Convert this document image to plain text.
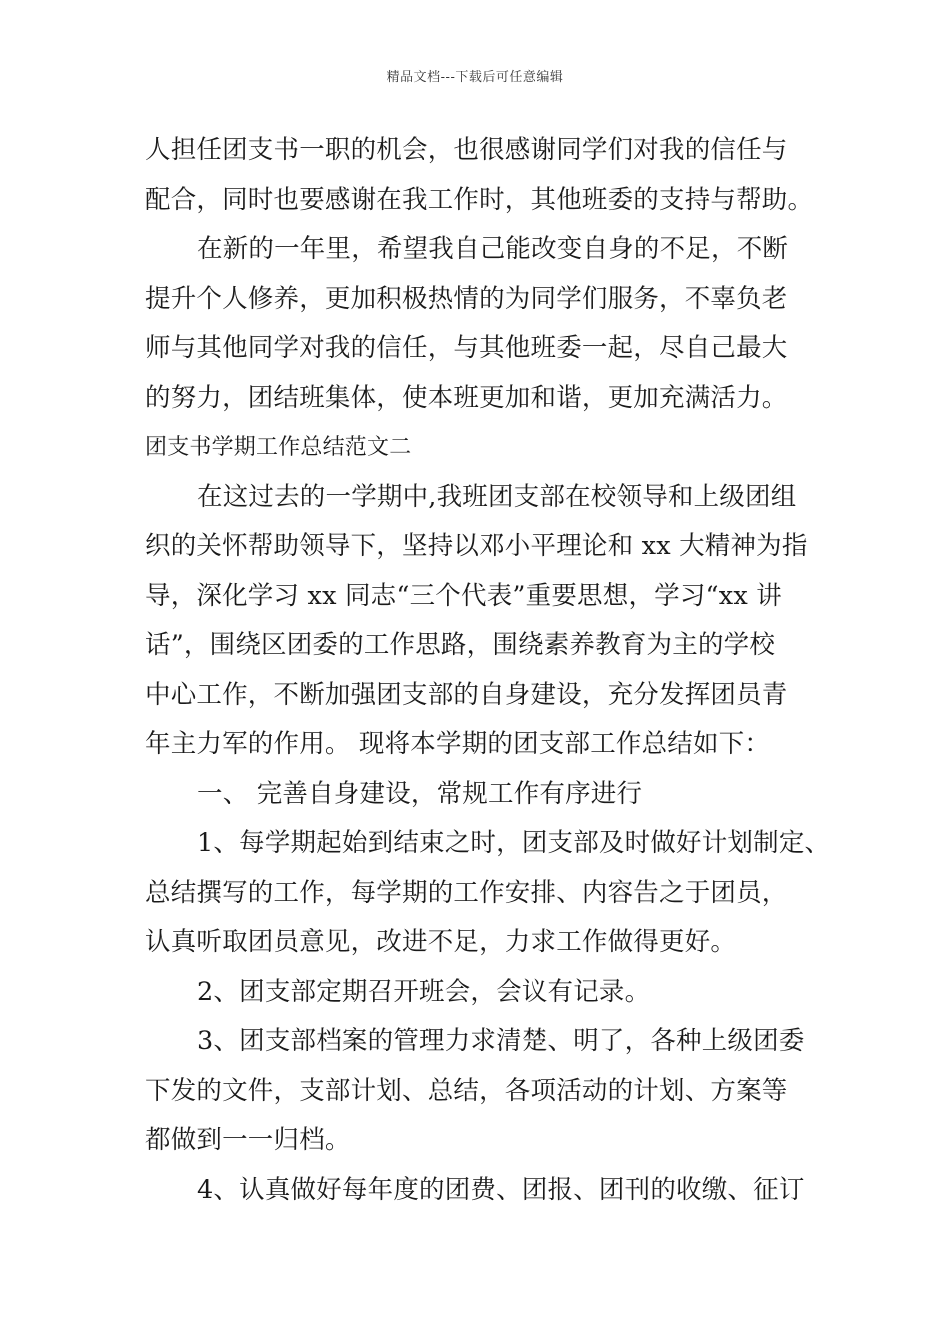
精品文档---下载后可任意编辑
人担任团支书一职的机会，也很感谢同学们对我的信任与
配合，同时也要感谢在我工作时，其他班委的支持与帮助。
在新的一年里，希望我自己能改变自身的不足，不断
提升个人修养，更加积极热情的为同学们服务，不辜负老
师与其他同学对我的信任，与其他班委一起，尽自己最大
的努力，团结班集体，使本班更加和谐，更加充满活力。
团支书学期工作总结范文二
在这过去的一学期中,我班团支部在校领导和上级团组
织的关怀帮助领导下，坚持以邓小平理论和 xx 大精神为指
导，深化学习 xx 同志“三个代表”重要思想，学习“xx 讲
话”，围绕区团委的工作思路，围绕素养教育为主的学校
中心工作，不断加强团支部的自身建设，充分发挥团员青
年主力军的作用。 现将本学期的团支部工作总结如下：
一、 完善自身建设，常规工作有序进行
1、每学期起始到结束之时，团支部及时做好计划制定、
总结撰写的工作，每学期的工作安排、内容告之于团员，
认真听取团员意见，改进不足，力求工作做得更好。
2、团支部定期召开班会，会议有记录。
3、团支部档案的管理力求清楚、明了，各种上级团委
下发的文件，支部计划、总结，各项活动的计划、方案等
都做到一一归档。
4、认真做好每年度的团费、团报、团刊的收缴、征订
